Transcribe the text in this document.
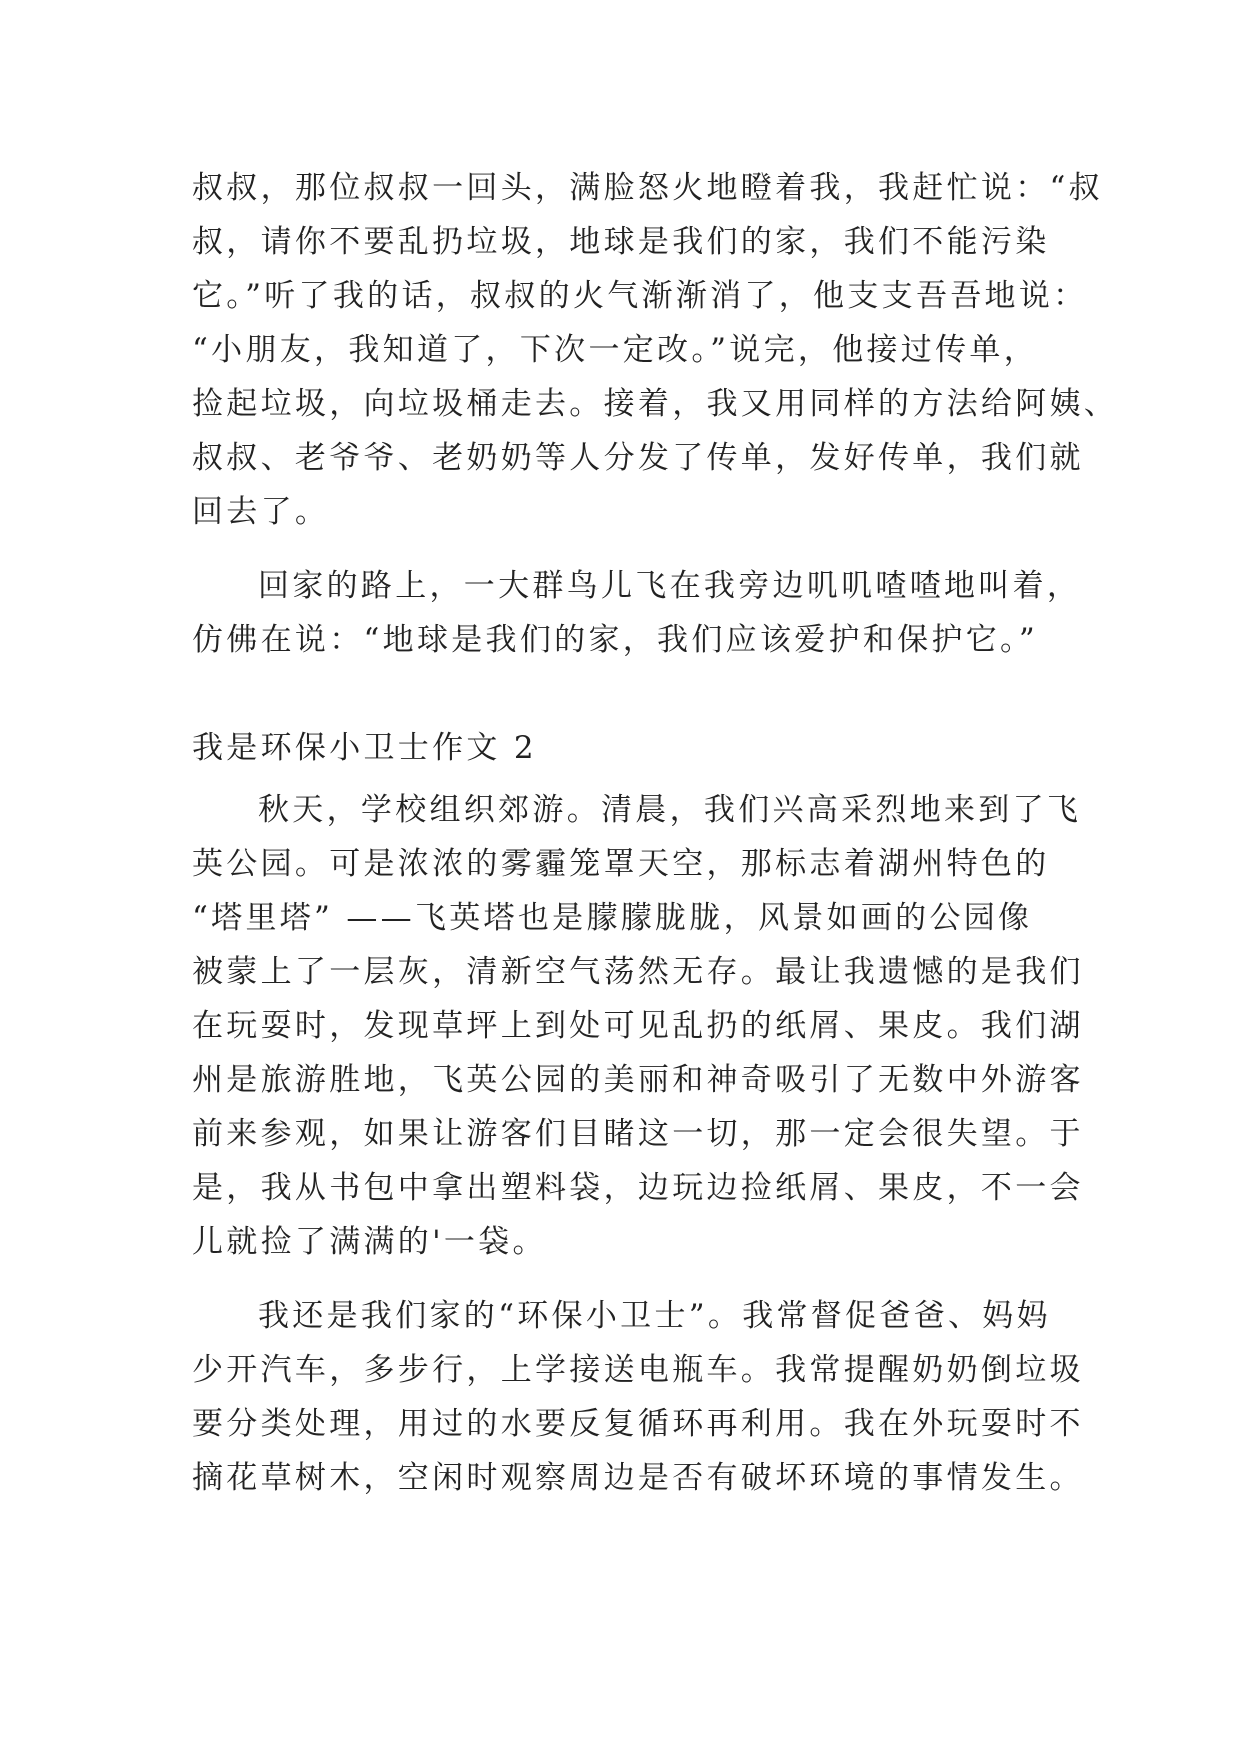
叔叔，那位叔叔一回头，满脸怒火地瞪着我，我赶忙说：“叔
叔，请你不要乱扔垃圾，地球是我们的家，我们不能污染
它。”听了我的话，叔叔的火气渐渐消了，他支支吾吾地说：
“小朋友，我知道了，下次一定改。”说完，他接过传单，
捡起垃圾，向垃圾桶走去。接着，我又用同样的方法给阿姨、
叔叔、老爷爷、老奶奶等人分发了传单，发好传单，我们就
回去了。
回家的路上，一大群鸟儿飞在我旁边叽叽喳喳地叫着，
仿佛在说：“地球是我们的家，我们应该爱护和保护它。”
我是环保小卫士作文 2
秋天，学校组织郊游。清晨，我们兴高采烈地来到了飞
英公园。可是浓浓的雾霾笼罩天空，那标志着湖州特色的
“塔里塔” ——飞英塔也是朦朦胧胧，风景如画的公园像
被蒙上了一层灰，清新空气荡然无存。最让我遗憾的是我们
在玩耍时，发现草坪上到处可见乱扔的纸屑、果皮。我们湖
州是旅游胜地，飞英公园的美丽和神奇吸引了无数中外游客
前来参观，如果让游客们目睹这一切，那一定会很失望。于
是，我从书包中拿出塑料袋，边玩边捡纸屑、果皮，不一会
儿就捡了满满的'一袋。
我还是我们家的“环保小卫士”。我常督促爸爸、妈妈
少开汽车，多步行，上学接送电瓶车。我常提醒奶奶倒垃圾
要分类处理，用过的水要反复循环再利用。我在外玩耍时不
摘花草树木，空闲时观察周边是否有破坏环境的事情发生。
